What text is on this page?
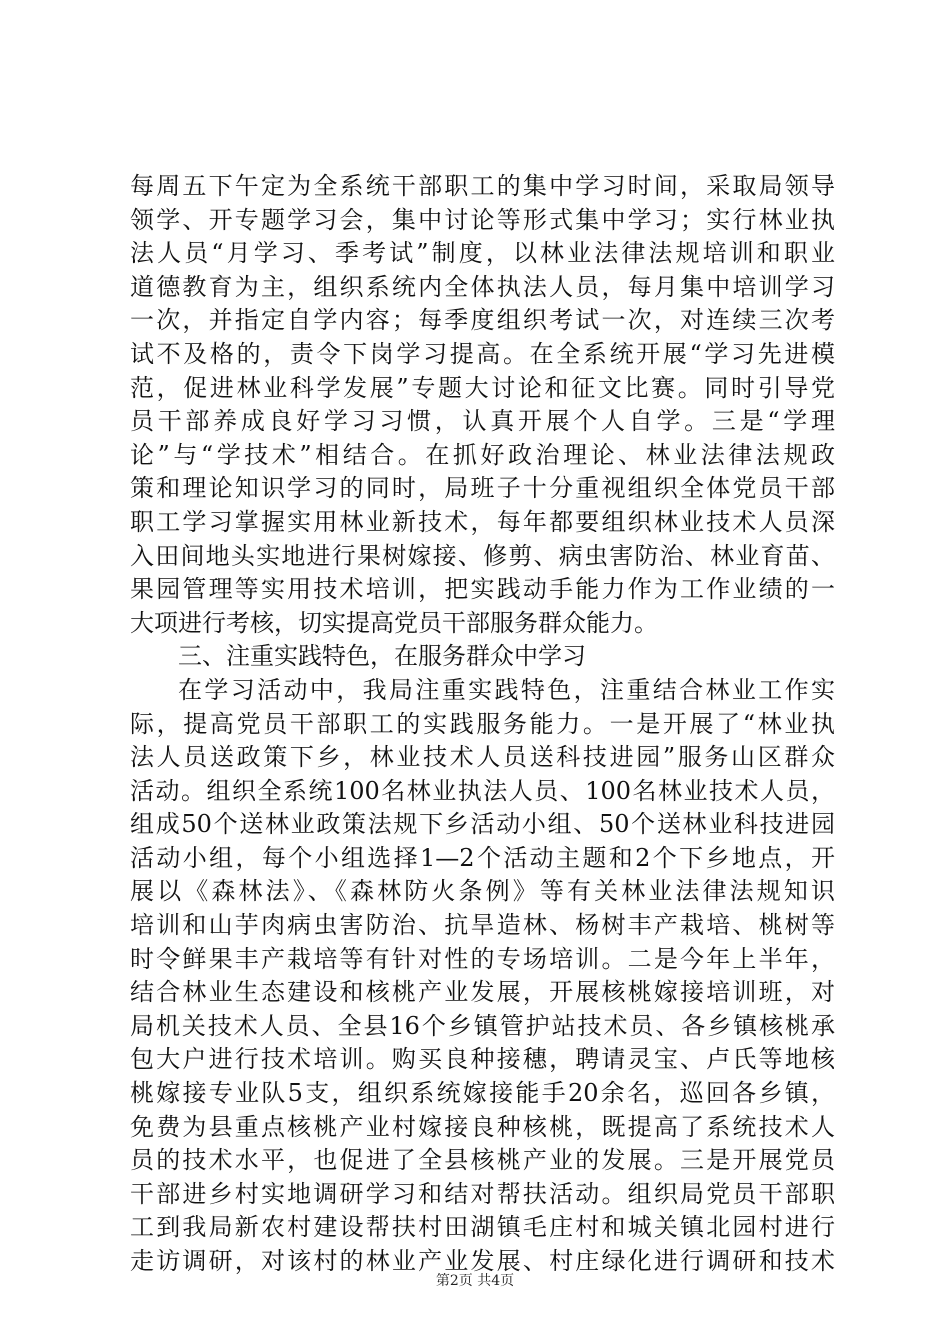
每周五下午定为全系统干部职工的集中学习时间，采取局领导
领学、开专题学习会，集中讨论等形式集中学习；实行林业执
法人员“月学习、季考试”制度，以林业法律法规培训和职业
道德教育为主，组织系统内全体执法人员，每月集中培训学习
一次，并指定自学内容；每季度组织考试一次，对连续三次考
试不及格的，责令下岗学习提高。在全系统开展“学习先进模
范，促进林业科学发展”专题大讨论和征文比赛。同时引导党
员干部养成良好学习习惯，认真开展个人自学。三是“学理
论”与“学技术”相结合。在抓好政治理论、林业法律法规政
策和理论知识学习的同时，局班子十分重视组织全体党员干部
职工学习掌握实用林业新技术，每年都要组织林业技术人员深
入田间地头实地进行果树嫁接、修剪、病虫害防治、林业育苗、
果园管理等实用技术培训，把实践动手能力作为工作业绩的一
大项进行考核，切实提高党员干部服务群众能力。
三、注重实践特色，在服务群众中学习
在学习活动中，我局注重实践特色，注重结合林业工作实
际，提高党员干部职工的实践服务能力。一是开展了“林业执
法人员送政策下乡，林业技术人员送科技进园”服务山区群众
活动。组织全系统100名林业执法人员、100名林业技术人员，
组成50个送林业政策法规下乡活动小组、50个送林业科技进园
活动小组，每个小组选择1—2个活动主题和2个下乡地点，开
展以《森林法》、《森林防火条例》等有关林业法律法规知识
培训和山芋肉病虫害防治、抗旱造林、杨树丰产栽培、桃树等
时令鲜果丰产栽培等有针对性的专场培训。二是今年上半年，
结合林业生态建设和核桃产业发展，开展核桃嫁接培训班，对
局机关技术人员、全县16个乡镇管护站技术员、各乡镇核桃承
包大户进行技术培训。购买良种接穗，聘请灵宝、卢氏等地核
桃嫁接专业队5支，组织系统嫁接能手20余名，巡回各乡镇，
免费为县重点核桃产业村嫁接良种核桃，既提高了系统技术人
员的技术水平，也促进了全县核桃产业的发展。三是开展党员
干部进乡村实地调研学习和结对帮扶活动。组织局党员干部职
工到我局新农村建设帮扶村田湖镇毛庄村和城关镇北园村进行
走访调研，对该村的林业产业发展、村庄绿化进行调研和技术
第2页 共4页
